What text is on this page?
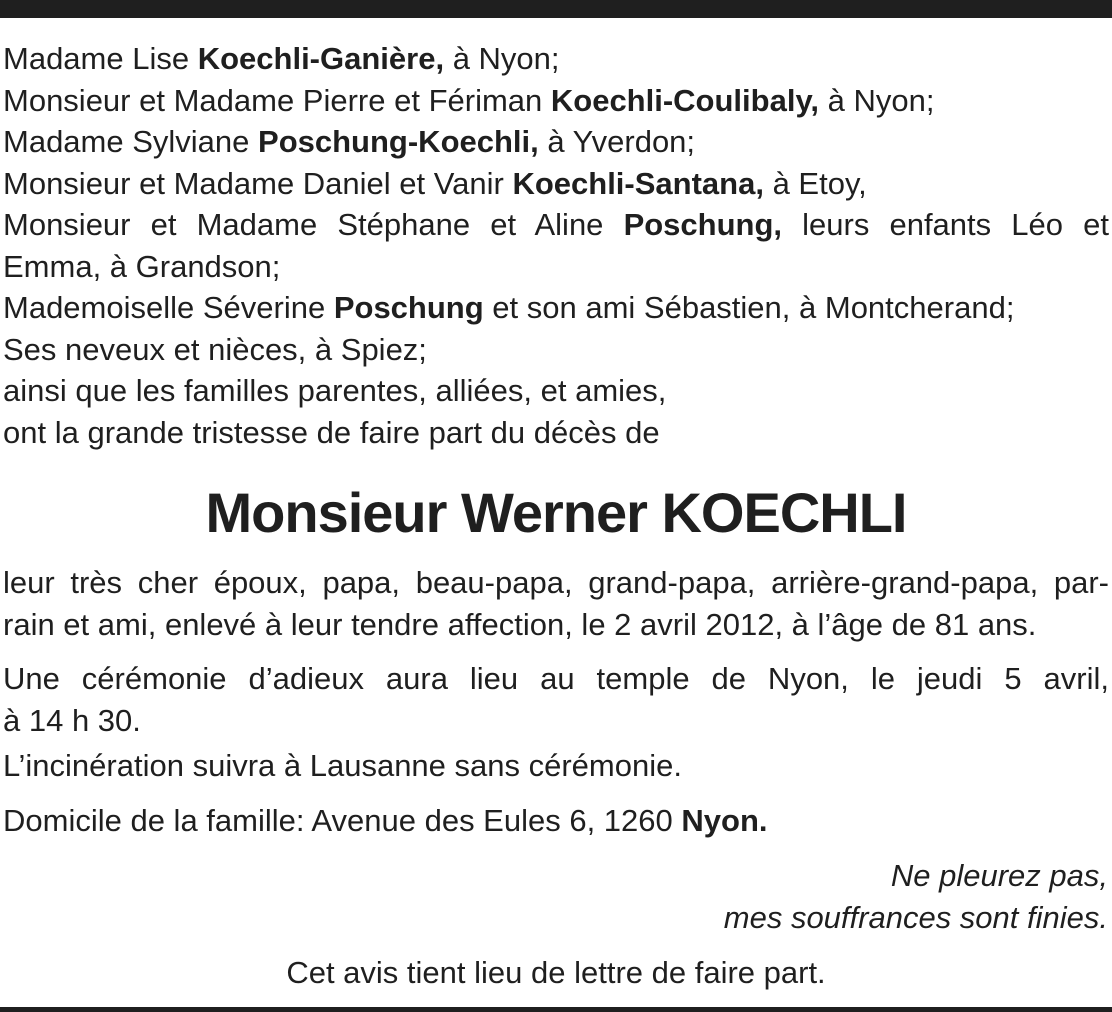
Madame Lise Koechli-Ganière, à Nyon;
Monsieur et Madame Pierre et Fériman Koechli-Coulibaly, à Nyon;
Madame Sylviane Poschung-Koechli, à Yverdon;
Monsieur et Madame Daniel et Vanir Koechli-Santana, à Etoy,
Monsieur et Madame Stéphane et Aline Poschung, leurs enfants Léo et
Emma, à Grandson;
Mademoiselle Séverine Poschung et son ami Sébastien, à Montcherand;
Ses neveux et nièces, à Spiez;
ainsi que les familles parentes, alliées, et amies,
ont la grande tristesse de faire part du décès de
Monsieur Werner KOECHLI
leur très cher époux, papa, beau-papa, grand-papa, arrière-grand-papa, par-
rain et ami, enlevé à leur tendre affection, le 2 avril 2012, à l’âge de 81 ans.
Une cérémonie d’adieux aura lieu au temple de Nyon, le jeudi 5 avril,
à 14 h 30.
L’incinération suivra à Lausanne sans cérémonie.
Domicile de la famille: Avenue des Eules 6, 1260 Nyon.
Ne pleurez pas,
mes souffrances sont finies.
Cet avis tient lieu de lettre de faire part.
